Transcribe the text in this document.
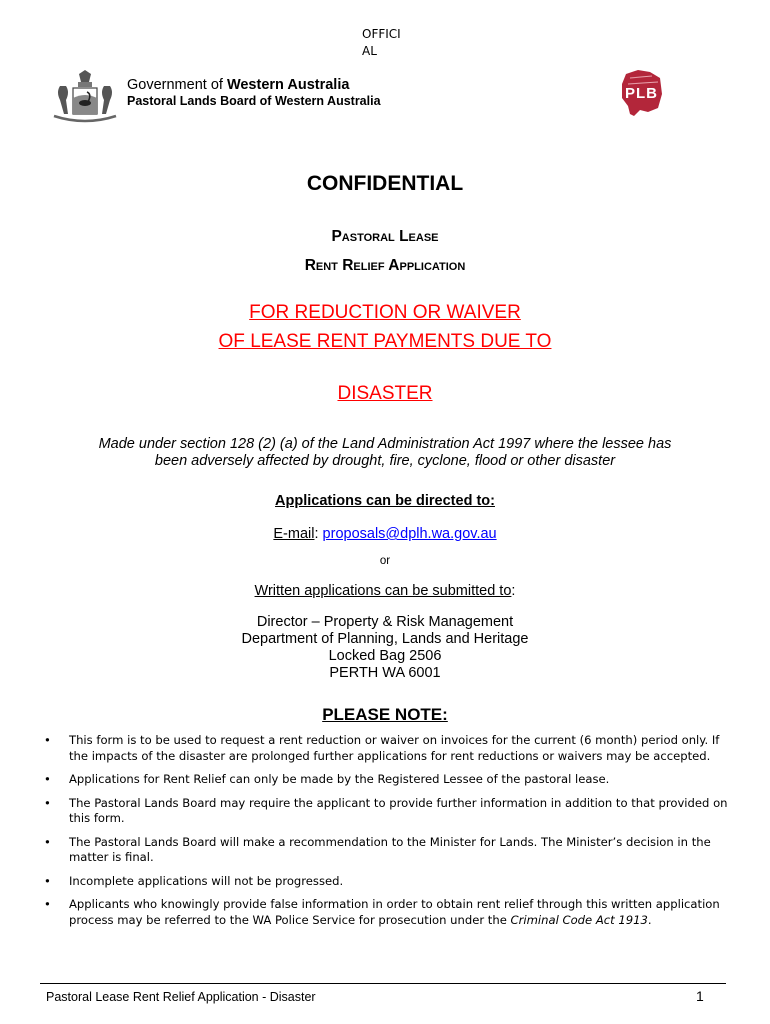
OFFICIAL
Government of Western Australia
Pastoral Lands Board of Western Australia	PLB
CONFIDENTIAL
Pastoral Lease
Rent Relief Application
FOR REDUCTION OR WAIVER
OF LEASE RENT PAYMENTS DUE TO
DISASTER
Made under section 128 (2) (a) of the Land Administration Act 1997 where the lessee has
been adversely affected by drought, fire, cyclone, flood or other disaster
Applications can be directed to:
E-mail: proposals@dplh.wa.gov.au
or
Written applications can be submitted to:
Director – Property & Risk Management
Department of Planning, Lands and Heritage
Locked Bag 2506
PERTH WA 6001
PLEASE NOTE:
• This form is to be used to request a rent reduction or waiver on invoices for the current (6 month) period only. If the impacts of the disaster are prolonged further applications for rent reductions or waivers may be accepted.
• Applications for Rent Relief can only be made by the Registered Lessee of the pastoral lease.
• The Pastoral Lands Board may require the applicant to provide further information in addition to that provided on this form.
• The Pastoral Lands Board will make a recommendation to the Minister for Lands. The Minister’s decision in the matter is final.
• Incomplete applications will not be progressed.
• Applicants who knowingly provide false information in order to obtain rent relief through this written application process may be referred to the WA Police Service for prosecution under the Criminal Code Act 1913.
Pastoral Lease Rent Relief Application - Disaster	1
